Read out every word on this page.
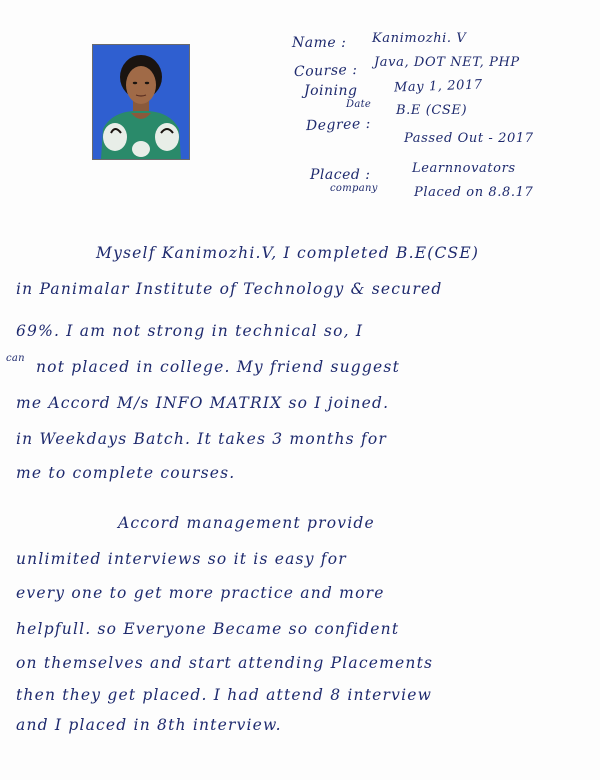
Name : Kanimozhi. V
Course : Java, DOT NET, PHP
Joining
Date
May 1, 2017
Degree :
B.E (CSE)
Passed Out - 2017
Placed :
company
Learnnovators
Placed on 8.8.17
Myself Kanimozhi.V, I completed B.E(CSE)
in Panimalar Institute of Technology & secured
69%. I am not strong in technical so, I
can not placed in college. My friend suggest
me Accord M/s INFO MATRIX so I joined.
in Weekdays Batch. It takes 3 months for
me to complete courses.
Accord management provide
unlimited interviews so it is easy for
every one to get more practice and more
helpfull. so Everyone Became so confident
on themselves and start attending Placements
then they get placed. I had attend 8 interview
and I placed in 8th interview.
